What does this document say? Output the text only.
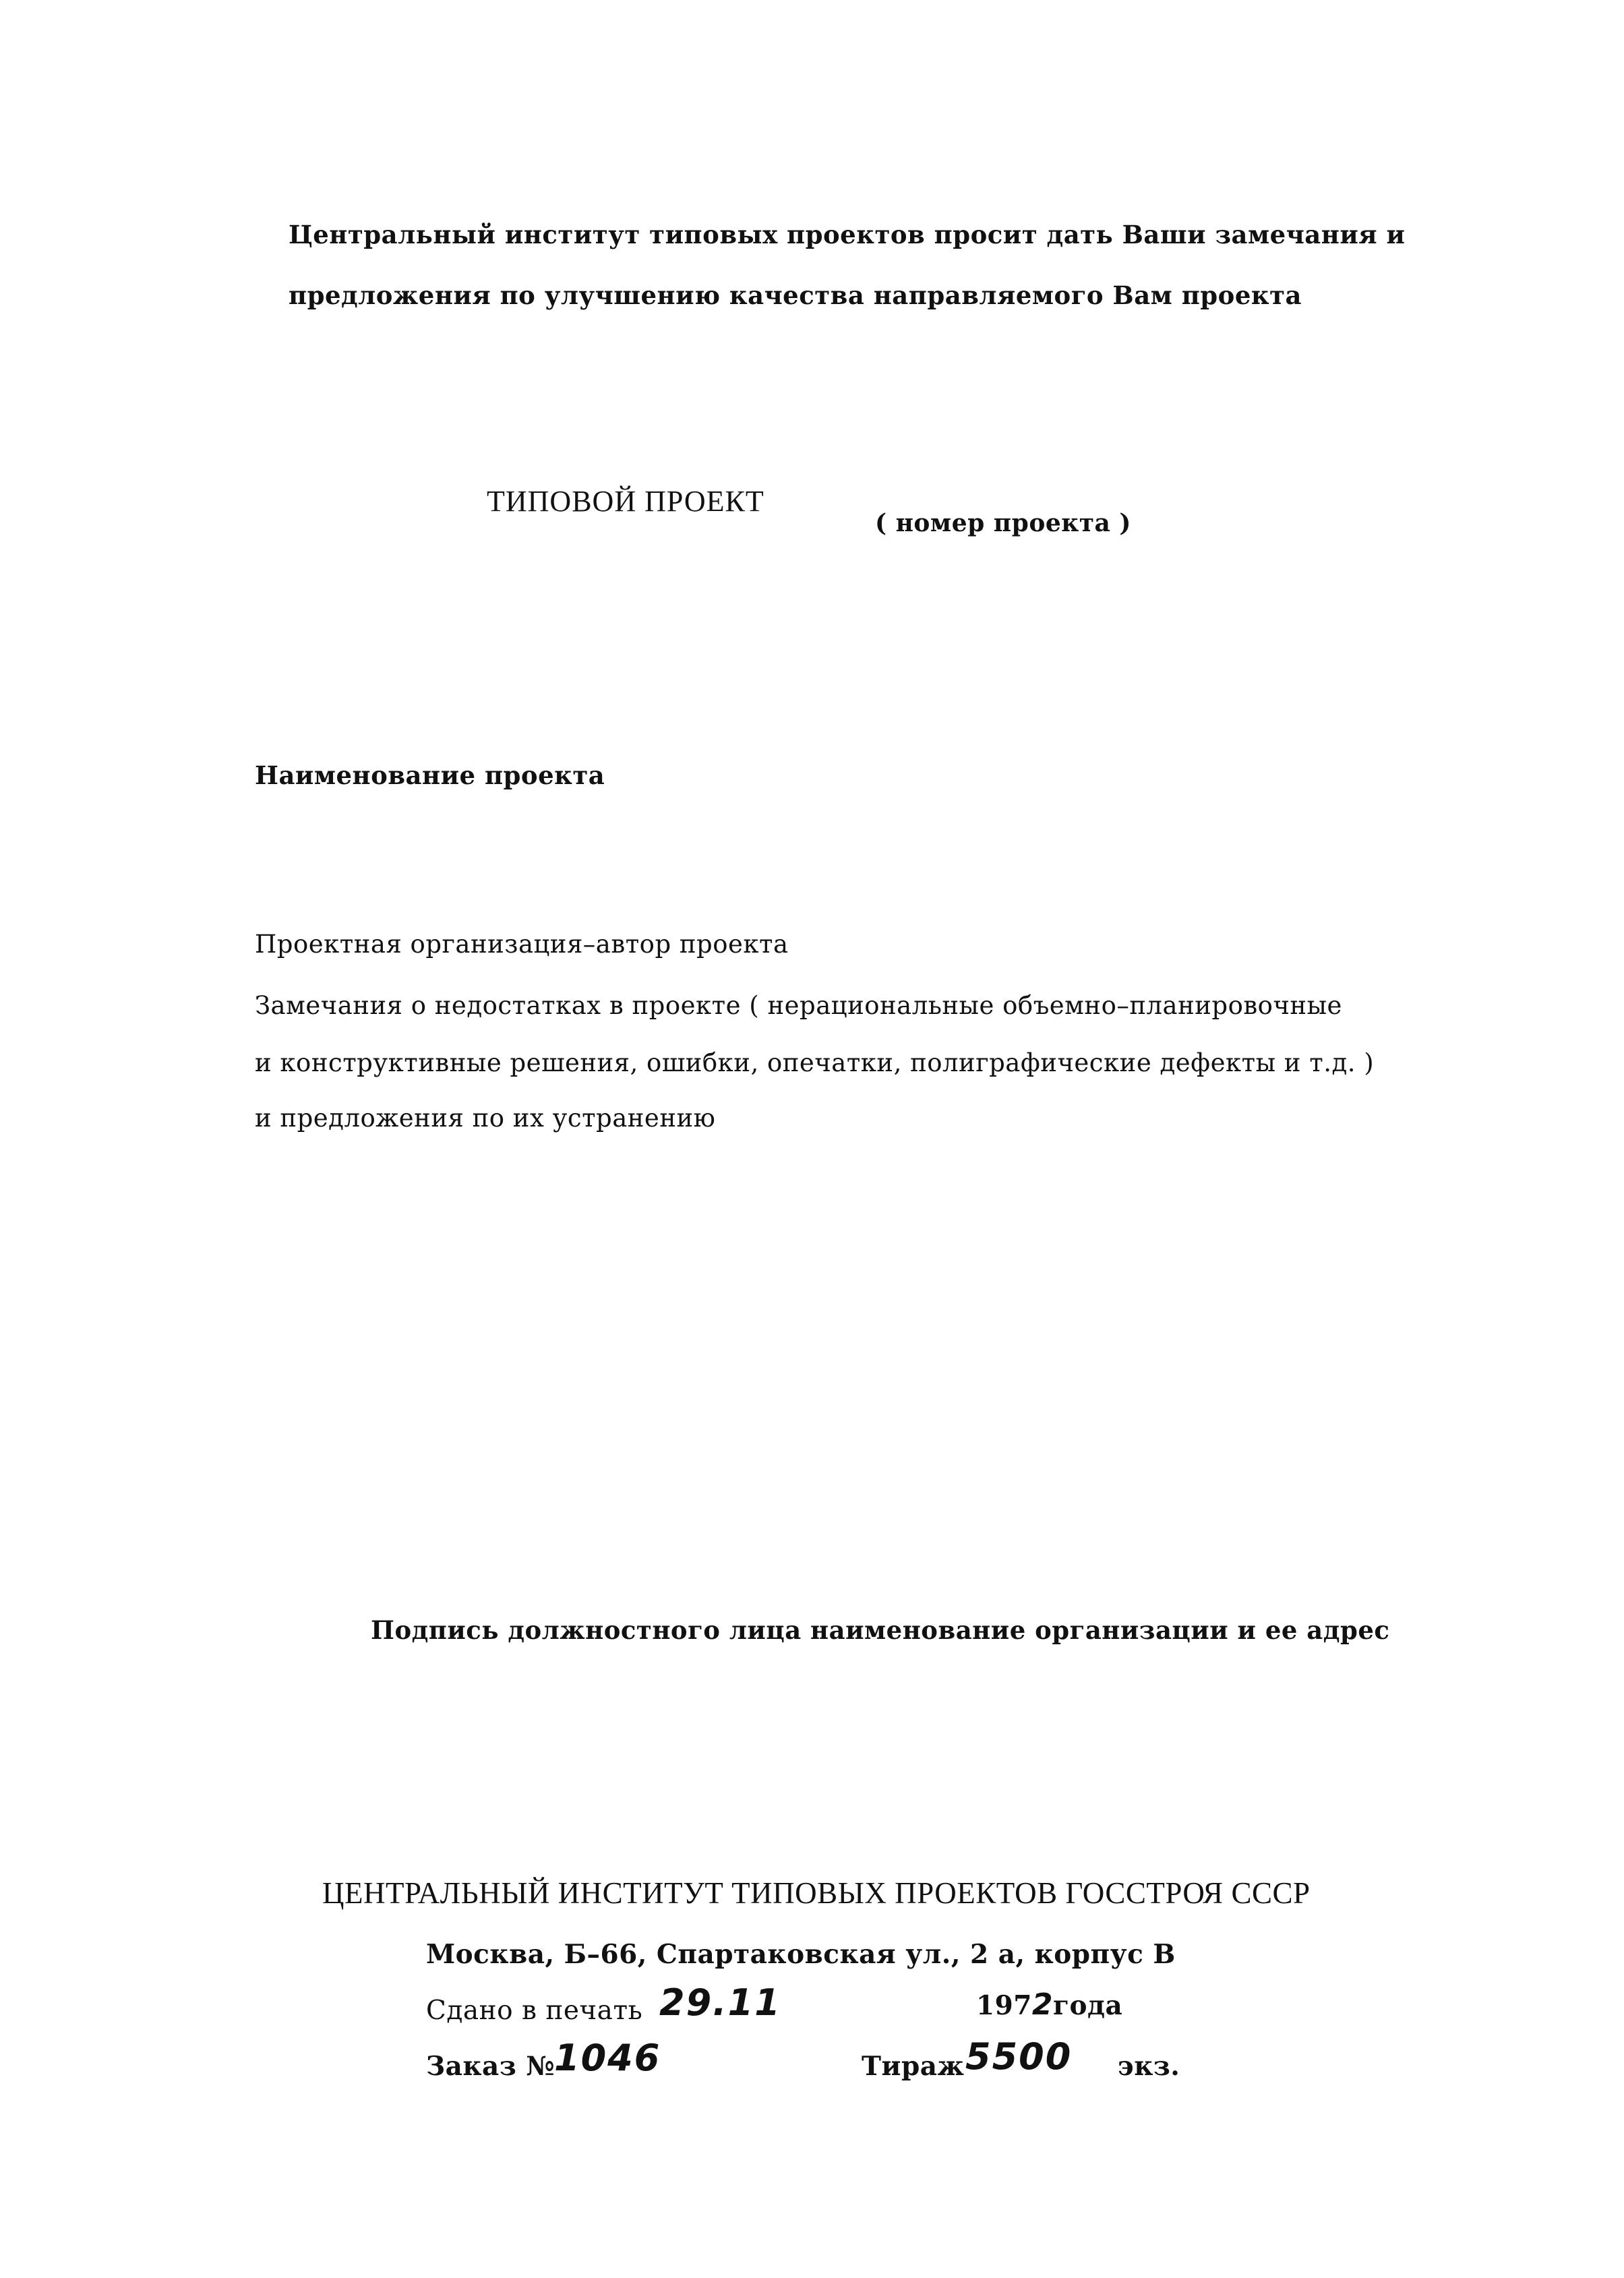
Центральный институт типовых проектов просит дать Ваши замечания и
предложения по улучшению качества направляемого Вам проекта
ТИПОВОЙ ПРОЕКТ
( номер проекта )
Наименование проекта
Проектная организация–автор проекта
Замечания о недостатках в проекте ( нерациональные объемно–планировочные
и конструктивные решения, ошибки, опечатки, полиграфические дефекты и т.д. )
и предложения по их устранению
Подпись должностного лица наименование организации и ее адрес
ЦЕНТРАЛЬНЫЙ ИНСТИТУТ ТИПОВЫХ ПРОЕКТОВ ГОССТРОЯ СССР
Москва, Б–66, Спартаковская ул., 2 а, корпус В
Сдано в печать 29.11	1972года
Заказ №
1046	Тираж 5500 экз.
